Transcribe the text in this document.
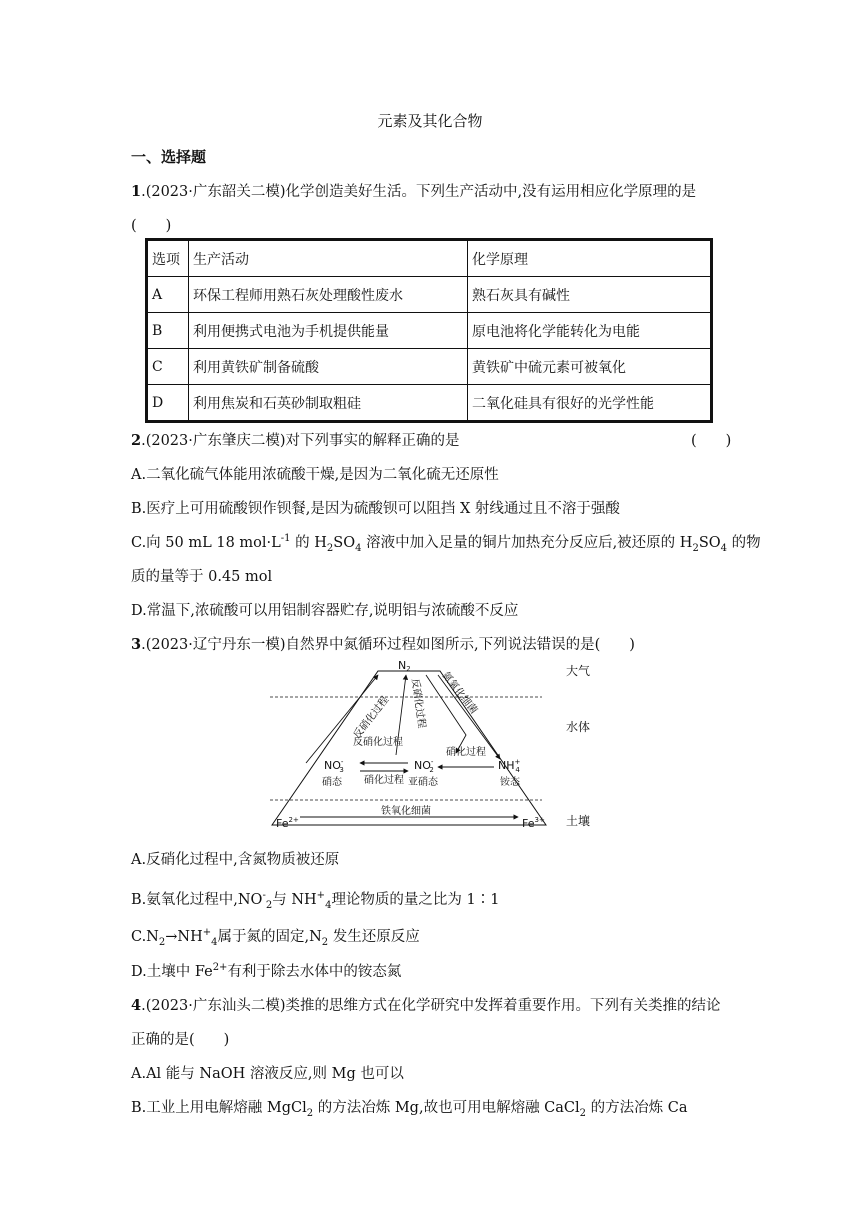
元素及其化合物
一、选择题
1.(2023·广东韶关二模)化学创造美好生活。下列生产活动中,没有运用相应化学原理的是
(　　)
选项	生产活动	化学原理
A	环保工程师用熟石灰处理酸性废水	熟石灰具有碱性
B	利用便携式电池为手机提供能量	原电池将化学能转化为电能
C	利用黄铁矿制备硫酸	黄铁矿中硫元素可被氧化
D	利用焦炭和石英砂制取粗硅	二氧化硅具有很好的光学性能
2.(2023·广东肇庆二模)对下列事实的解释正确的是	(　　)
A.二氧化硫气体能用浓硫酸干燥,是因为二氧化硫无还原性
B.医疗上可用硫酸钡作钡餐,是因为硫酸钡可以阻挡 X 射线通过且不溶于强酸
C.向 50 mL 18 $mol\cdot L^{-1}$ 的 $H_2SO_4$ 溶液中加入足量的铜片加热充分反应后,被还原的 $H_2SO_4$ 的物
质的量等于 0.45 mol
D.常温下,浓硫酸可以用铝制容器贮存,说明铝与浓硫酸不反应
3.(2023·辽宁丹东一模)自然界中氮循环过程如图所示,下列说法错误的是(　　)
N2	大气
水体
土壤
反硝化过程 反硝化过程 氨氧化细菌
反硝化过程
硝化过程
硝化过程
NO-3
硝态
NO-2
亚硝态
NH+ 4
铵态
铁氧化细菌
$Fe^{2+}$	$Fe^{3+}$
A.反硝化过程中,含氮物质被还原
B.氨氧化过程中$,NO^-_2$与 $NH^+_4$理论物质的量之比为 1∶1
$C.N_2\to NH^+_4$属于氮的固定$,N_2$ 发生还原反应
D.土壤中 $Fe^{2+}$有利于除去水体中的铵态氮
4.(2023·广东汕头二模)类推的思维方式在化学研究中发挥着重要作用。下列有关类推的结论
正确的是(　　)
A.Al 能与 NaOH 溶液反应,则 Mg 也可以
B.工业上用电解熔融 MgCl$_2$ 的方法冶炼 Mg,故也可用电解熔融 CaCl$_2$ 的方法冶炼 Ca
